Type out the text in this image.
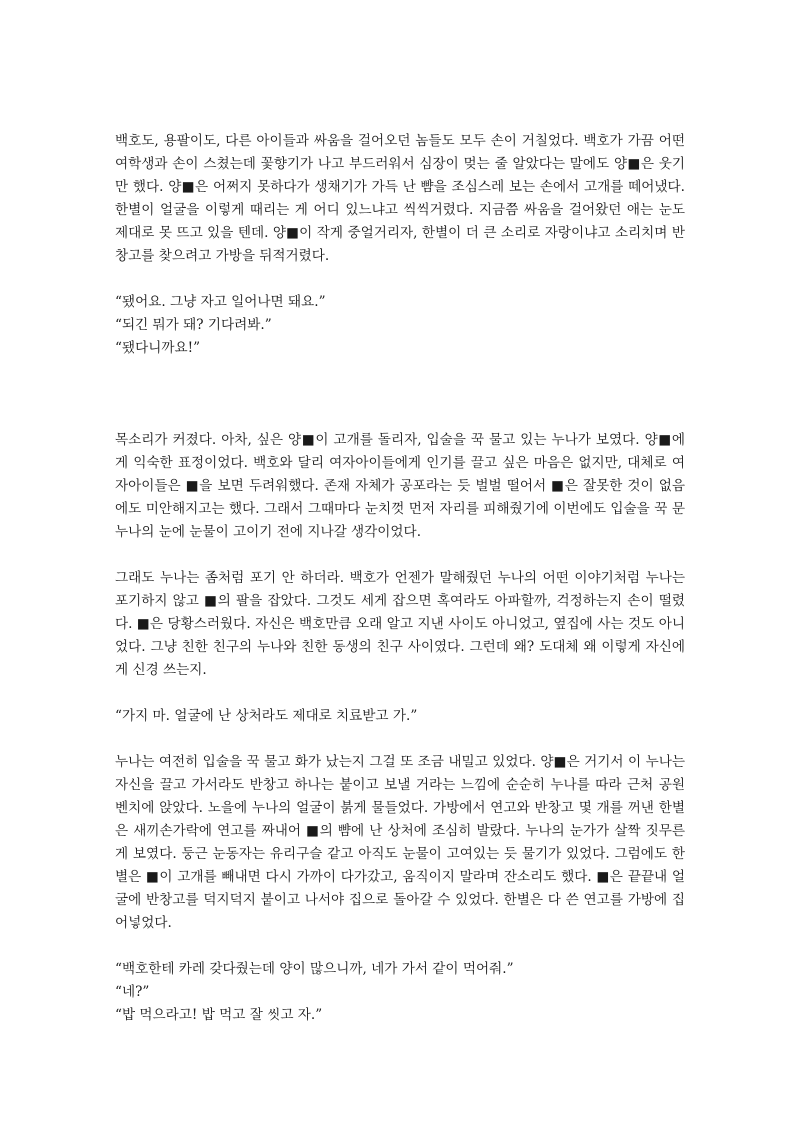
백호도, 용팔이도, 다른 아이들과 싸움을 걸어오던 놈들도 모두 손이 거칠었다. 백호가 가끔 어떤 여학생과 손이 스쳤는데 꽃향기가 나고 부드러워서 심장이 멎는 줄 알았다는 말에도 양■은 웃기만 했다. 양■은 어쩌지 못하다가 생채기가 가득 난 뺨을 조심스레 보는 손에서 고개를 떼어냈다. 한별이 얼굴을 이렇게 때리는 게 어디 있느냐고 씩씩거렸다. 지금쯤 싸움을 걸어왔던 애는 눈도 제대로 못 뜨고 있을 텐데. 양■이 작게 중얼거리자, 한별이 더 큰 소리로 자랑이냐고 소리치며 반창고를 찾으려고 가방을 뒤적거렸다.

“됐어요. 그냥 자고 일어나면 돼요.”

“되긴 뭐가 돼? 기다려봐.”

“됐다니까요!”

목소리가 커졌다. 아차, 싶은 양■이 고개를 돌리자, 입술을 꾹 물고 있는 누나가 보였다. 양■에게 익숙한 표정이었다. 백호와 달리 여자아이들에게 인기를 끌고 싶은 마음은 없지만, 대체로 여자아이들은 ■을 보면 두려워했다. 존재 자체가 공포라는 듯 벌벌 떨어서 ■은 잘못한 것이 없음에도 미안해지고는 했다. 그래서 그때마다 눈치껏 먼저 자리를 피해줬기에 이번에도 입술을 꾹 문 누나의 눈에 눈물이 고이기 전에 지나갈 생각이었다.

그래도 누나는 좀처럼 포기 안 하더라. 백호가 언젠가 말해줬던 누나의 어떤 이야기처럼 누나는 포기하지 않고 ■의 팔을 잡았다. 그것도 세게 잡으면 혹여라도 아파할까, 걱정하는지 손이 떨렸다. ■은 당황스러웠다. 자신은 백호만큼 오래 알고 지낸 사이도 아니었고, 옆집에 사는 것도 아니었다. 그냥 친한 친구의 누나와 친한 동생의 친구 사이였다. 그런데 왜? 도대체 왜 이렇게 자신에게 신경 쓰는지.

“가지 마. 얼굴에 난 상처라도 제대로 치료받고 가.”

누나는 여전히 입술을 꾹 물고 화가 났는지 그걸 또 조금 내밀고 있었다. 양■은 거기서 이 누나는 자신을 끌고 가서라도 반창고 하나는 붙이고 보낼 거라는 느낌에 순순히 누나를 따라 근처 공원 벤치에 앉았다. 노을에 누나의 얼굴이 붉게 물들었다. 가방에서 연고와 반창고 몇 개를 꺼낸 한별은 새끼손가락에 연고를 짜내어 ■의 뺨에 난 상처에 조심히 발랐다. 누나의 눈가가 살짝 짓무른 게 보였다. 둥근 눈동자는 유리구슬 같고 아직도 눈물이 고여있는 듯 물기가 있었다. 그럼에도 한별은 ■이 고개를 빼내면 다시 가까이 다가갔고, 움직이지 말라며 잔소리도 했다. ■은 끝끝내 얼굴에 반창고를 덕지덕지 붙이고 나서야 집으로 돌아갈 수 있었다. 한별은 다 쓴 연고를 가방에 집어넣었다.

“백호한테 카레 갖다줬는데 양이 많으니까, 네가 가서 같이 먹어줘.”

“네?”

“밥 먹으라고! 밥 먹고 잘 씻고 자.”
